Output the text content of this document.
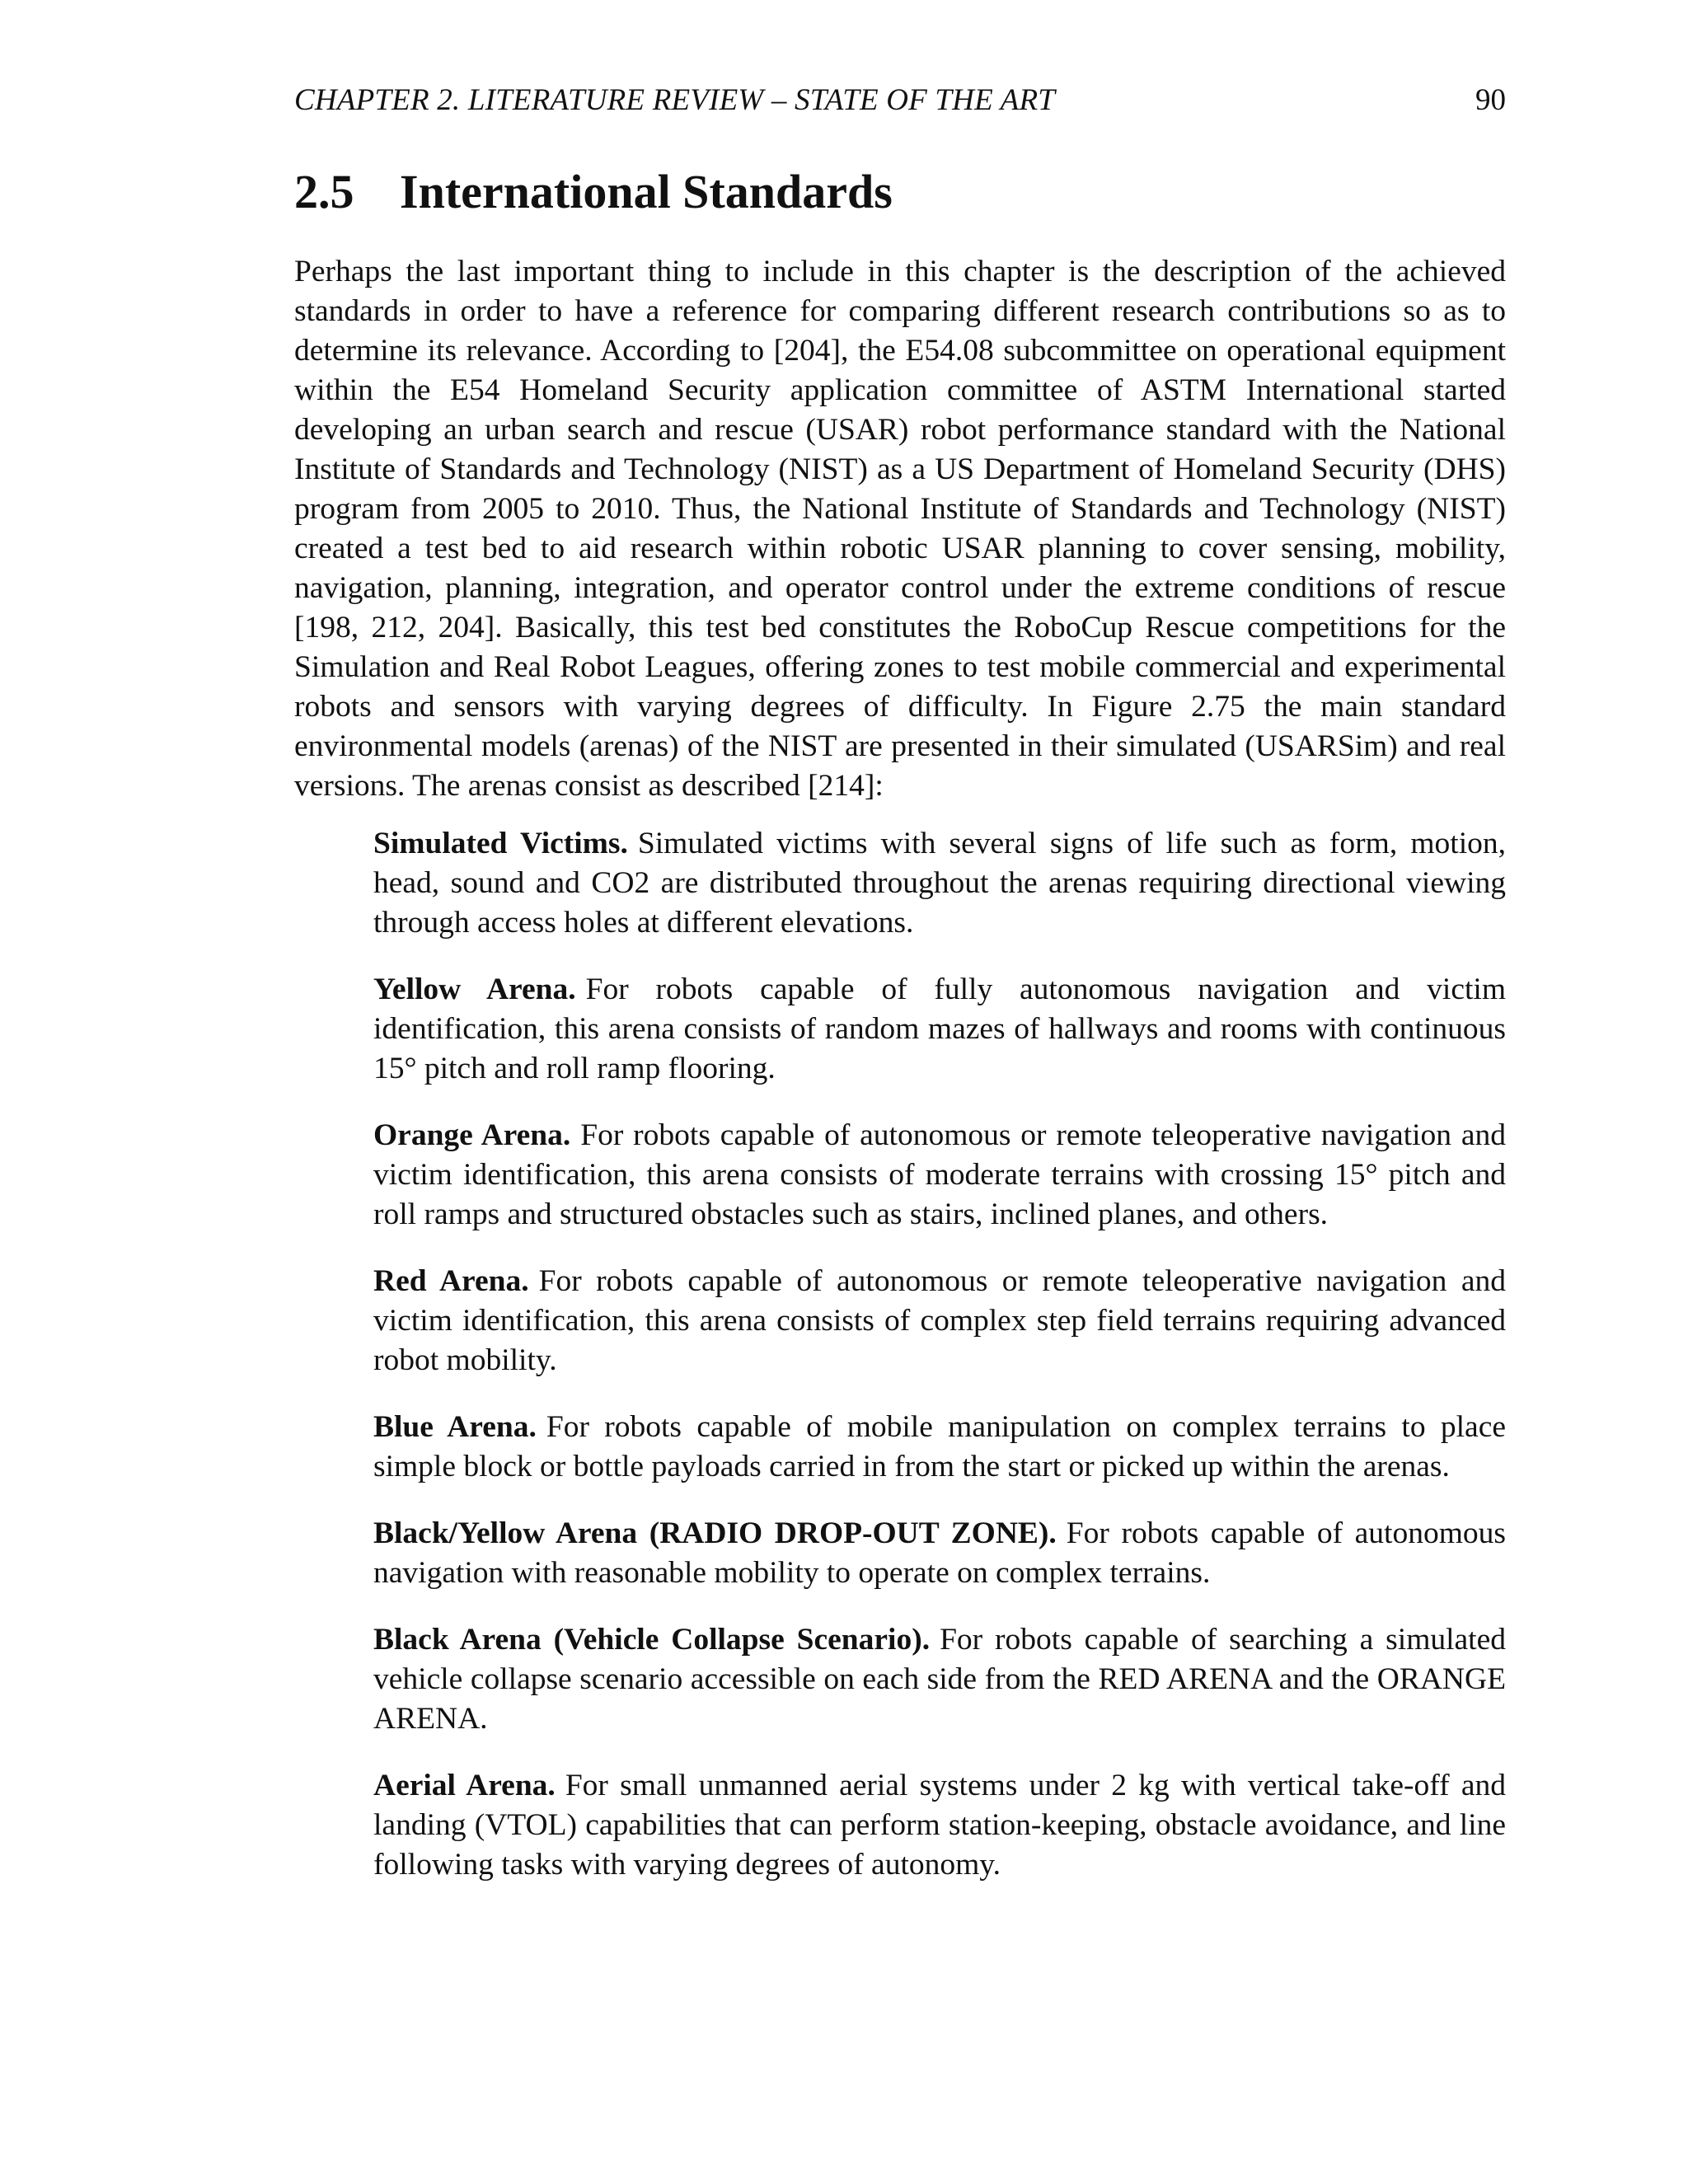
CHAPTER 2. LITERATURE REVIEW – STATE OF THE ART	90
2.5 International Standards

Perhaps the last important thing to include in this chapter is the description of the achieved standards in order to have a reference for comparing different research contributions so as to determine its relevance. According to [204], the E54.08 subcommittee on operational equipment within the E54 Homeland Security application committee of ASTM International started developing an urban search and rescue (USAR) robot performance standard with the National Institute of Standards and Technology (NIST) as a US Department of Homeland Security (DHS) program from 2005 to 2010. Thus, the National Institute of Standards and Technology (NIST) created a test bed to aid research within robotic USAR planning to cover sensing, mobility, navigation, planning, integration, and operator control under the extreme conditions of rescue [198, 212, 204]. Basically, this test bed constitutes the RoboCup Rescue competitions for the Simulation and Real Robot Leagues, offering zones to test mobile commercial and experimental robots and sensors with varying degrees of difficulty. In Figure 2.75 the main standard environmental models (arenas) of the NIST are presented in their simulated (USARSim) and real versions. The arenas consist as described [214]:

Simulated Victims. Simulated victims with several signs of life such as form, motion, head, sound and CO2 are distributed throughout the arenas requiring directional viewing through access holes at different elevations.
Yellow Arena. For robots capable of fully autonomous navigation and victim identification, this arena consists of random mazes of hallways and rooms with continuous 15° pitch and roll ramp flooring.
Orange Arena. For robots capable of autonomous or remote teleoperative navigation and victim identification, this arena consists of moderate terrains with crossing 15° pitch and roll ramps and structured obstacles such as stairs, inclined planes, and others.
Red Arena. For robots capable of autonomous or remote teleoperative navigation and victim identification, this arena consists of complex step field terrains requiring advanced robot mobility.
Blue Arena. For robots capable of mobile manipulation on complex terrains to place simple block or bottle payloads carried in from the start or picked up within the arenas.
Black/Yellow Arena (RADIO DROP-OUT ZONE). For robots capable of autonomous navigation with reasonable mobility to operate on complex terrains.
Black Arena (Vehicle Collapse Scenario). For robots capable of searching a simulated vehicle collapse scenario accessible on each side from the RED ARENA and the ORANGE ARENA.
Aerial Arena. For small unmanned aerial systems under 2 kg with vertical take-off and landing (VTOL) capabilities that can perform station-keeping, obstacle avoidance, and line following tasks with varying degrees of autonomy.
